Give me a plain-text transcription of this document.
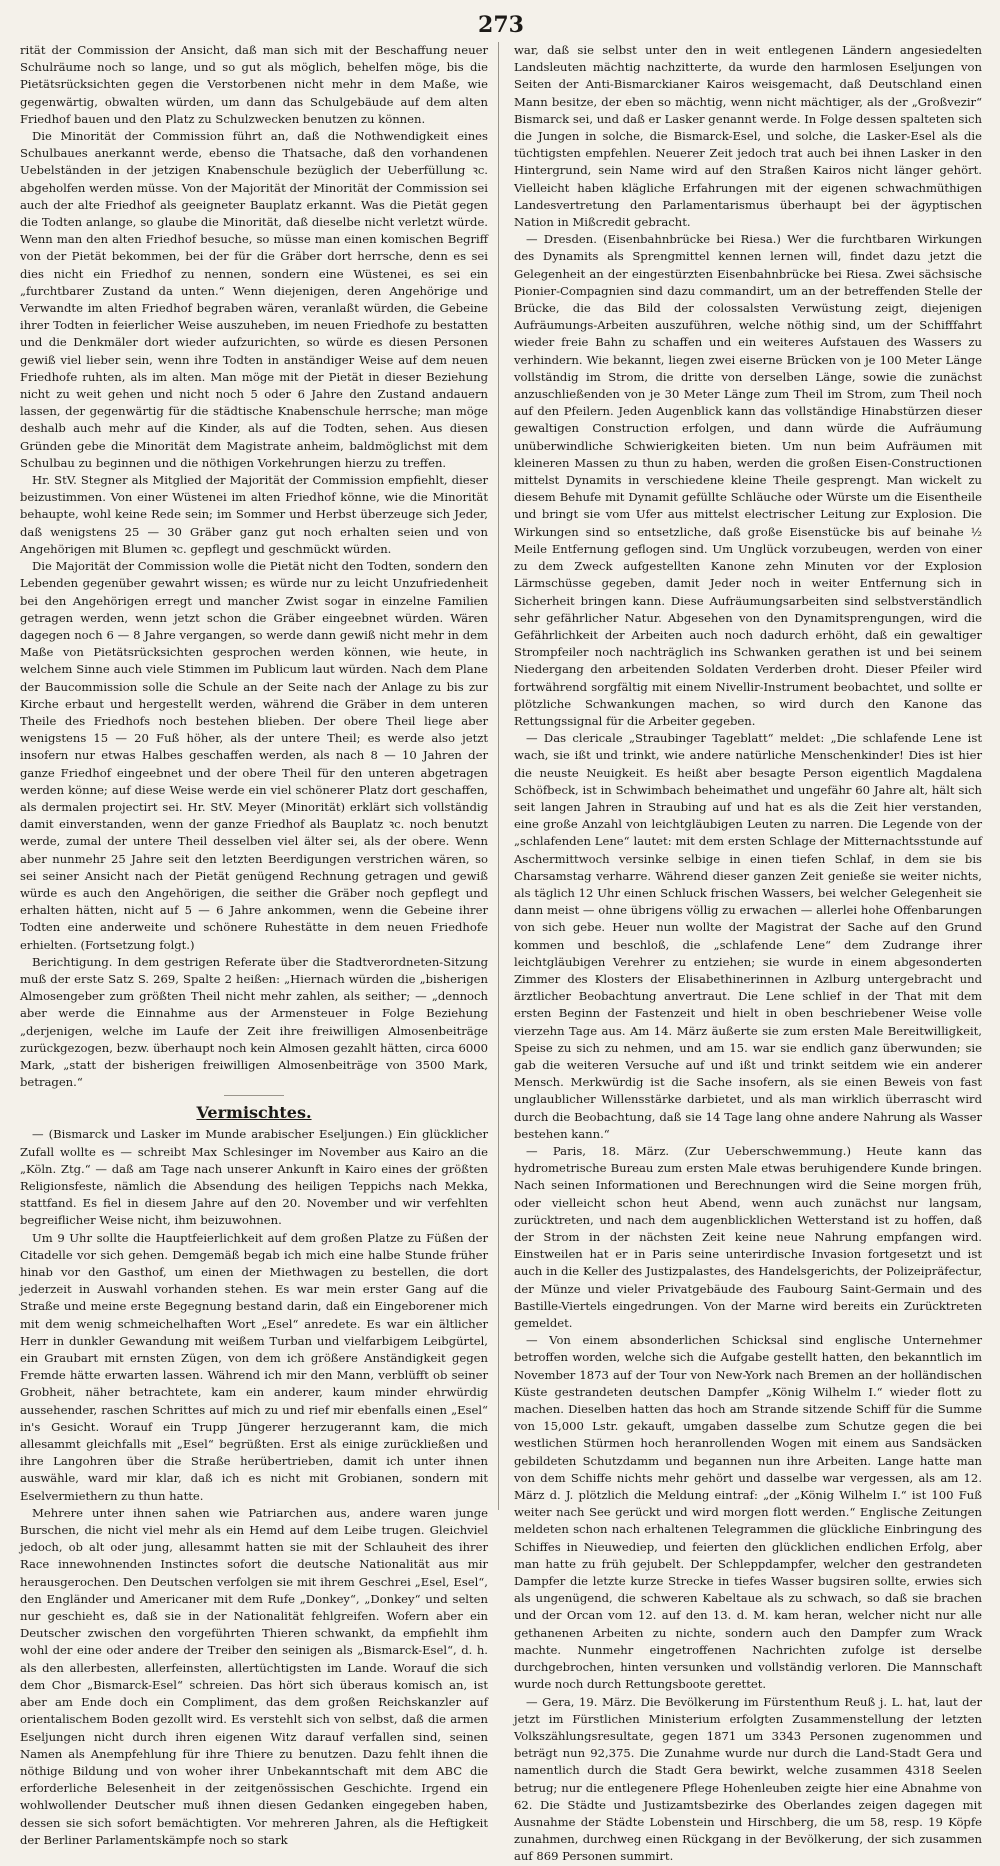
273

rität der Commission der Ansicht, daß man sich mit der Beschaffung neuer Schulräume noch so lange, und so gut als möglich, behelfen möge, bis die Pietätsrücksichten gegen die Verstorbenen nicht mehr in dem Maße, wie gegenwärtig, obwalten würden, um dann das Schulgebäude auf dem alten Friedhof bauen und den Platz zu Schulzwecken benutzen zu können.

Die Minorität der Commission führt an, daß die Nothwendigkeit eines Schulbaues anerkannt werde, ebenso die Thatsache, daß den vorhandenen Uebelständen in der jetzigen Knabenschule bezüglich der Ueberfüllung ꝛc. abgeholfen werden müsse. Von der Majorität der Minorität der Commission sei auch der alte Friedhof als geeigneter Bauplatz erkannt. Was die Pietät gegen die Todten anlange, so glaube die Minorität, daß dieselbe nicht verletzt würde. Wenn man den alten Friedhof besuche, so müsse man einen komischen Begriff von der Pietät bekommen, bei der für die Gräber dort herrsche, denn es sei dies nicht ein Friedhof zu nennen, sondern eine Wüstenei, es sei ein „furchtbarer Zustand da unten.“ Wenn diejenigen, deren Angehörige und Verwandte im alten Friedhof begraben wären, veranlaßt würden, die Gebeine ihrer Todten in feierlicher Weise auszuheben, im neuen Friedhofe zu bestatten und die Denkmäler dort wieder aufzurichten, so würde es diesen Personen gewiß viel lieber sein, wenn ihre Todten in anständiger Weise auf dem neuen Friedhofe ruhten, als im alten. Man möge mit der Pietät in dieser Beziehung nicht zu weit gehen und nicht noch 5 oder 6 Jahre den Zustand andauern lassen, der gegenwärtig für die städtische Knabenschule herrsche; man möge deshalb auch mehr auf die Kinder, als auf die Todten, sehen. Aus diesen Gründen gebe die Minorität dem Magistrate anheim, baldmöglichst mit dem Schulbau zu beginnen und die nöthigen Vorkehrungen hierzu zu treffen.

Hr. StV. Stegner als Mitglied der Majorität der Commission empfiehlt, dieser beizustimmen. Von einer Wüstenei im alten Friedhof könne, wie die Minorität behaupte, wohl keine Rede sein; im Sommer und Herbst überzeuge sich Jeder, daß wenigstens 25 — 30 Gräber ganz gut noch erhalten seien und von Angehörigen mit Blumen ꝛc. gepflegt und geschmückt würden.

Die Majorität der Commission wolle die Pietät nicht den Todten, sondern den Lebenden gegenüber gewahrt wissen; es würde nur zu leicht Unzufriedenheit bei den Angehörigen erregt und mancher Zwist sogar in einzelne Familien getragen werden, wenn jetzt schon die Gräber eingeebnet würden. Wären dagegen noch 6 — 8 Jahre vergangen, so werde dann gewiß nicht mehr in dem Maße von Pietätsrücksichten gesprochen werden können, wie heute, in welchem Sinne auch viele Stimmen im Publicum laut würden. Nach dem Plane der Baucommission solle die Schule an der Seite nach der Anlage zu bis zur Kirche erbaut und hergestellt werden, während die Gräber in dem unteren Theile des Friedhofs noch bestehen blieben. Der obere Theil liege aber wenigstens 15 — 20 Fuß höher, als der untere Theil; es werde also jetzt insofern nur etwas Halbes geschaffen werden, als nach 8 — 10 Jahren der ganze Friedhof eingeebnet und der obere Theil für den unteren abgetragen werden könne; auf diese Weise werde ein viel schönerer Platz dort geschaffen, als dermalen projectirt sei. Hr. StV. Meyer (Minorität) erklärt sich vollständig damit einverstanden, wenn der ganze Friedhof als Bauplatz ꝛc. noch benutzt werde, zumal der untere Theil desselben viel älter sei, als der obere. Wenn aber nunmehr 25 Jahre seit den letzten Beerdigungen verstrichen wären, so sei seiner Ansicht nach der Pietät genügend Rechnung getragen und gewiß würde es auch den Angehörigen, die seither die Gräber noch gepflegt und erhalten hätten, nicht auf 5 — 6 Jahre ankommen, wenn die Gebeine ihrer Todten eine anderweite und schönere Ruhestätte in dem neuen Friedhofe erhielten. (Fortsetzung folgt.)

Berichtigung. In dem gestrigen Referate über die Stadtverordneten-Sitzung muß der erste Satz S. 269, Spalte 2 heißen: „Hiernach würden die „bisherigen Almosengeber zum größten Theil nicht mehr zahlen, als seither; — „dennoch aber werde die Einnahme aus der Armensteuer in Folge Beziehung „derjenigen, welche im Laufe der Zeit ihre freiwilligen Almosenbeiträge zurückgezogen, bezw. überhaupt noch kein Almosen gezahlt hätten, circa 6000 Mark, „statt der bisherigen freiwilligen Almosenbeiträge von 3500 Mark, betragen.“

Vermischtes.

— (Bismarck und Lasker im Munde arabischer Eseljungen.) Ein glücklicher Zufall wollte es — schreibt Max Schlesinger im November aus Kairo an die „Köln. Ztg.“ — daß am Tage nach unserer Ankunft in Kairo eines der größten Religionsfeste, nämlich die Absendung des heiligen Teppichs nach Mekka, stattfand. Es fiel in diesem Jahre auf den 20. November und wir verfehlten begreiflicher Weise nicht, ihm beizuwohnen.

Um 9 Uhr sollte die Hauptfeierlichkeit auf dem großen Platze zu Füßen der Citadelle vor sich gehen. Demgemäß begab ich mich eine halbe Stunde früher hinab vor den Gasthof, um einen der Miethwagen zu bestellen, die dort jederzeit in Auswahl vorhanden stehen. Es war mein erster Gang auf die Straße und meine erste Begegnung bestand darin, daß ein Eingeborener mich mit dem wenig schmeichelhaften Wort „Esel“ anredete. Es war ein ältlicher Herr in dunkler Gewandung mit weißem Turban und vielfarbigem Leibgürtel, ein Graubart mit ernsten Zügen, von dem ich größere Anständigkeit gegen Fremde hätte erwarten lassen. Während ich mir den Mann, verblüfft ob seiner Grobheit, näher betrachtete, kam ein anderer, kaum minder ehrwürdig aussehender, raschen Schrittes auf mich zu und rief mir ebenfalls einen „Esel“ in's Gesicht. Worauf ein Trupp Jüngerer herzugerannt kam, die mich allesammt gleichfalls mit „Esel“ begrüßten. Erst als einige zurückließen und ihre Langohren über die Straße herübertrieben, damit ich unter ihnen auswähle, ward mir klar, daß ich es nicht mit Grobianen, sondern mit Eselvermiethern zu thun hatte.

Mehrere unter ihnen sahen wie Patriarchen aus, andere waren junge Burschen, die nicht viel mehr als ein Hemd auf dem Leibe trugen. Gleichviel jedoch, ob alt oder jung, allesammt hatten sie mit der Schlauheit des ihrer Race innewohnenden Instinctes sofort die deutsche Nationalität aus mir herausgerochen. Den Deutschen verfolgen sie mit ihrem Geschrei „Esel, Esel“, den Engländer und Americaner mit dem Rufe „Donkey“, „Donkey“ und selten nur geschieht es, daß sie in der Nationalität fehlgreifen. Wofern aber ein Deutscher zwischen den vorgeführten Thieren schwankt, da empfiehlt ihm wohl der eine oder andere der Treiber den seinigen als „Bismarck-Esel“, d. h. als den allerbesten, allerfeinsten, allertüchtigsten im Lande. Worauf die sich dem Chor „Bismarck-Esel“ schreien. Das hört sich überaus komisch an, ist aber am Ende doch ein Compliment, das dem großen Reichskanzler auf orientalischem Boden gezollt wird. Es verstehlt sich von selbst, daß die armen Eseljungen nicht durch ihren eigenen Witz darauf verfallen sind, seinen Namen als Anempfehlung für ihre Thiere zu benutzen. Dazu fehlt ihnen die nöthige Bildung und von woher ihrer Unbekanntschaft mit dem ABC die erforderliche Belesenheit in der zeitgenössischen Geschichte. Irgend ein wohlwollender Deutscher muß ihnen diesen Gedanken eingegeben haben, dessen sie sich sofort bemächtigten. Vor mehreren Jahren, als die Heftigkeit der Berliner Parlamentskämpfe noch so stark

war, daß sie selbst unter den in weit entlegenen Ländern angesiedelten Landsleuten mächtig nachzitterte, da wurde den harmlosen Eseljungen von Seiten der Anti-Bismarckianer Kairos weisgemacht, daß Deutschland einen Mann besitze, der eben so mächtig, wenn nicht mächtiger, als der „Großvezir“ Bismarck sei, und daß er Lasker genannt werde. In Folge dessen spalteten sich die Jungen in solche, die Bismarck-Esel, und solche, die Lasker-Esel als die tüchtigsten empfehlen. Neuerer Zeit jedoch trat auch bei ihnen Lasker in den Hintergrund, sein Name wird auf den Straßen Kairos nicht länger gehört. Vielleicht haben klägliche Erfahrungen mit der eigenen schwachmüthigen Landesvertretung den Parlamentarismus überhaupt bei der ägyptischen Nation in Mißcredit gebracht.

— Dresden. (Eisenbahnbrücke bei Riesa.) Wer die furchtbaren Wirkungen des Dynamits als Sprengmittel kennen lernen will, findet dazu jetzt die Gelegenheit an der eingestürzten Eisenbahnbrücke bei Riesa. Zwei sächsische Pionier-Compagnien sind dazu commandirt, um an der betreffenden Stelle der Brücke, die das Bild der colossalsten Verwüstung zeigt, diejenigen Aufräumungs-Arbeiten auszuführen, welche nöthig sind, um der Schifffahrt wieder freie Bahn zu schaffen und ein weiteres Aufstauen des Wassers zu verhindern. Wie bekannt, liegen zwei eiserne Brücken von je 100 Meter Länge vollständig im Strom, die dritte von derselben Länge, sowie die zunächst anzuschließenden von je 30 Meter Länge zum Theil im Strom, zum Theil noch auf den Pfeilern. Jeden Augenblick kann das vollständige Hinabstürzen dieser gewaltigen Construction erfolgen, und dann würde die Aufräumung unüberwindliche Schwierigkeiten bieten. Um nun beim Aufräumen mit kleineren Massen zu thun zu haben, werden die großen Eisen-Constructionen mittelst Dynamits in verschiedene kleine Theile gesprengt. Man wickelt zu diesem Behufe mit Dynamit gefüllte Schläuche oder Würste um die Eisentheile und bringt sie vom Ufer aus mittelst electrischer Leitung zur Explosion. Die Wirkungen sind so entsetzliche, daß große Eisenstücke bis auf beinahe ½ Meile Entfernung geflogen sind. Um Unglück vorzubeugen, werden von einer zu dem Zweck aufgestellten Kanone zehn Minuten vor der Explosion Lärmschüsse gegeben, damit Jeder noch in weiter Entfernung sich in Sicherheit bringen kann. Diese Aufräumungsarbeiten sind selbstverständlich sehr gefährlicher Natur. Abgesehen von den Dynamitsprengungen, wird die Gefährlichkeit der Arbeiten auch noch dadurch erhöht, daß ein gewaltiger Strompfeiler noch nachträglich ins Schwanken gerathen ist und bei seinem Niedergang den arbeitenden Soldaten Verderben droht. Dieser Pfeiler wird fortwährend sorgfältig mit einem Nivellir-Instrument beobachtet, und sollte er plötzliche Schwankungen machen, so wird durch den Kanone das Rettungssignal für die Arbeiter gegeben.

— Das clericale „Straubinger Tageblatt“ meldet: „Die schlafende Lene ist wach, sie ißt und trinkt, wie andere natürliche Menschenkinder! Dies ist hier die neuste Neuigkeit. Es heißt aber besagte Person eigentlich Magdalena Schöfbeck, ist in Schwimbach beheimathet und ungefähr 60 Jahre alt, hält sich seit langen Jahren in Straubing auf und hat es als die Zeit hier verstanden, eine große Anzahl von leichtgläubigen Leuten zu narren. Die Legende von der „schlafenden Lene“ lautet: mit dem ersten Schlage der Mitternachtsstunde auf Aschermittwoch versinke selbige in einen tiefen Schlaf, in dem sie bis Charsamstag verharre. Während dieser ganzen Zeit genieße sie weiter nichts, als täglich 12 Uhr einen Schluck frischen Wassers, bei welcher Gelegenheit sie dann meist — ohne übrigens völlig zu erwachen — allerlei hohe Offenbarungen von sich gebe. Heuer nun wollte der Magistrat der Sache auf den Grund kommen und beschloß, die „schlafende Lene“ dem Zudrange ihrer leichtgläubigen Verehrer zu entziehen; sie wurde in einem abgesonderten Zimmer des Klosters der Elisabethinerinnen in Azlburg untergebracht und ärztlicher Beobachtung anvertraut. Die Lene schlief in der That mit dem ersten Beginn der Fastenzeit und hielt in oben beschriebener Weise volle vierzehn Tage aus. Am 14. März äußerte sie zum ersten Male Bereitwilligkeit, Speise zu sich zu nehmen, und am 15. war sie endlich ganz überwunden; sie gab die weiteren Versuche auf und ißt und trinkt seitdem wie ein anderer Mensch. Merkwürdig ist die Sache insofern, als sie einen Beweis von fast unglaublicher Willensstärke darbietet, und als man wirklich überrascht wird durch die Beobachtung, daß sie 14 Tage lang ohne andere Nahrung als Wasser bestehen kann.“

— Paris, 18. März. (Zur Ueberschwemmung.) Heute kann das hydrometrische Bureau zum ersten Male etwas beruhigendere Kunde bringen. Nach seinen Informationen und Berechnungen wird die Seine morgen früh, oder vielleicht schon heut Abend, wenn auch zunächst nur langsam, zurücktreten, und nach dem augenblicklichen Wetterstand ist zu hoffen, daß der Strom in der nächsten Zeit keine neue Nahrung empfangen wird. Einstweilen hat er in Paris seine unterirdische Invasion fortgesetzt und ist auch in die Keller des Justizpalastes, des Handelsgerichts, der Polizeipräfectur, der Münze und vieler Privatgebäude des Faubourg Saint-Germain und des Bastille-Viertels eingedrungen. Von der Marne wird bereits ein Zurücktreten gemeldet.

— Von einem absonderlichen Schicksal sind englische Unternehmer betroffen worden, welche sich die Aufgabe gestellt hatten, den bekanntlich im November 1873 auf der Tour von New-York nach Bremen an der holländischen Küste gestrandeten deutschen Dampfer „König Wilhelm I.“ wieder flott zu machen. Dieselben hatten das hoch am Strande sitzende Schiff für die Summe von 15,000 Lstr. gekauft, umgaben dasselbe zum Schutze gegen die bei westlichen Stürmen hoch heranrollenden Wogen mit einem aus Sandsäcken gebildeten Schutzdamm und begannen nun ihre Arbeiten. Lange hatte man von dem Schiffe nichts mehr gehört und dasselbe war vergessen, als am 12. März d. J. plötzlich die Meldung eintraf: „der „König Wilhelm I.“ ist 100 Fuß weiter nach See gerückt und wird morgen flott werden.“ Englische Zeitungen meldeten schon nach erhaltenen Telegrammen die glückliche Einbringung des Schiffes in Nieuwediep, und feierten den glücklichen endlichen Erfolg, aber man hatte zu früh gejubelt. Der Schleppdampfer, welcher den gestrandeten Dampfer die letzte kurze Strecke in tiefes Wasser bugsiren sollte, erwies sich als ungenügend, die schweren Kabeltaue als zu schwach, so daß sie brachen und der Orcan vom 12. auf den 13. d. M. kam heran, welcher nicht nur alle gethanenen Arbeiten zu nichte, sondern auch den Dampfer zum Wrack machte. Nunmehr eingetroffenen Nachrichten zufolge ist derselbe durchgebrochen, hinten versunken und vollständig verloren. Die Mannschaft wurde noch durch Rettungsboote gerettet.

— Gera, 19. März. Die Bevölkerung im Fürstenthum Reuß j. L. hat, laut der jetzt im Fürstlichen Ministerium erfolgten Zusammenstellung der letzten Volkszählungsresultate, gegen 1871 um 3343 Personen zugenommen und beträgt nun 92,375. Die Zunahme wurde nur durch die Land-Stadt Gera und namentlich durch die Stadt Gera bewirkt, welche zusammen 4318 Seelen betrug; nur die entlegenere Pflege Hohenleuben zeigte hier eine Abnahme von 62. Die Städte und Justizamtsbezirke des Oberlandes zeigen dagegen mit Ausnahme der Städte Lobenstein und Hirschberg, die um 58, resp. 19 Köpfe zunahmen, durchweg einen Rückgang in der Bevölkerung, der sich zusammen auf 869 Personen summirt.
